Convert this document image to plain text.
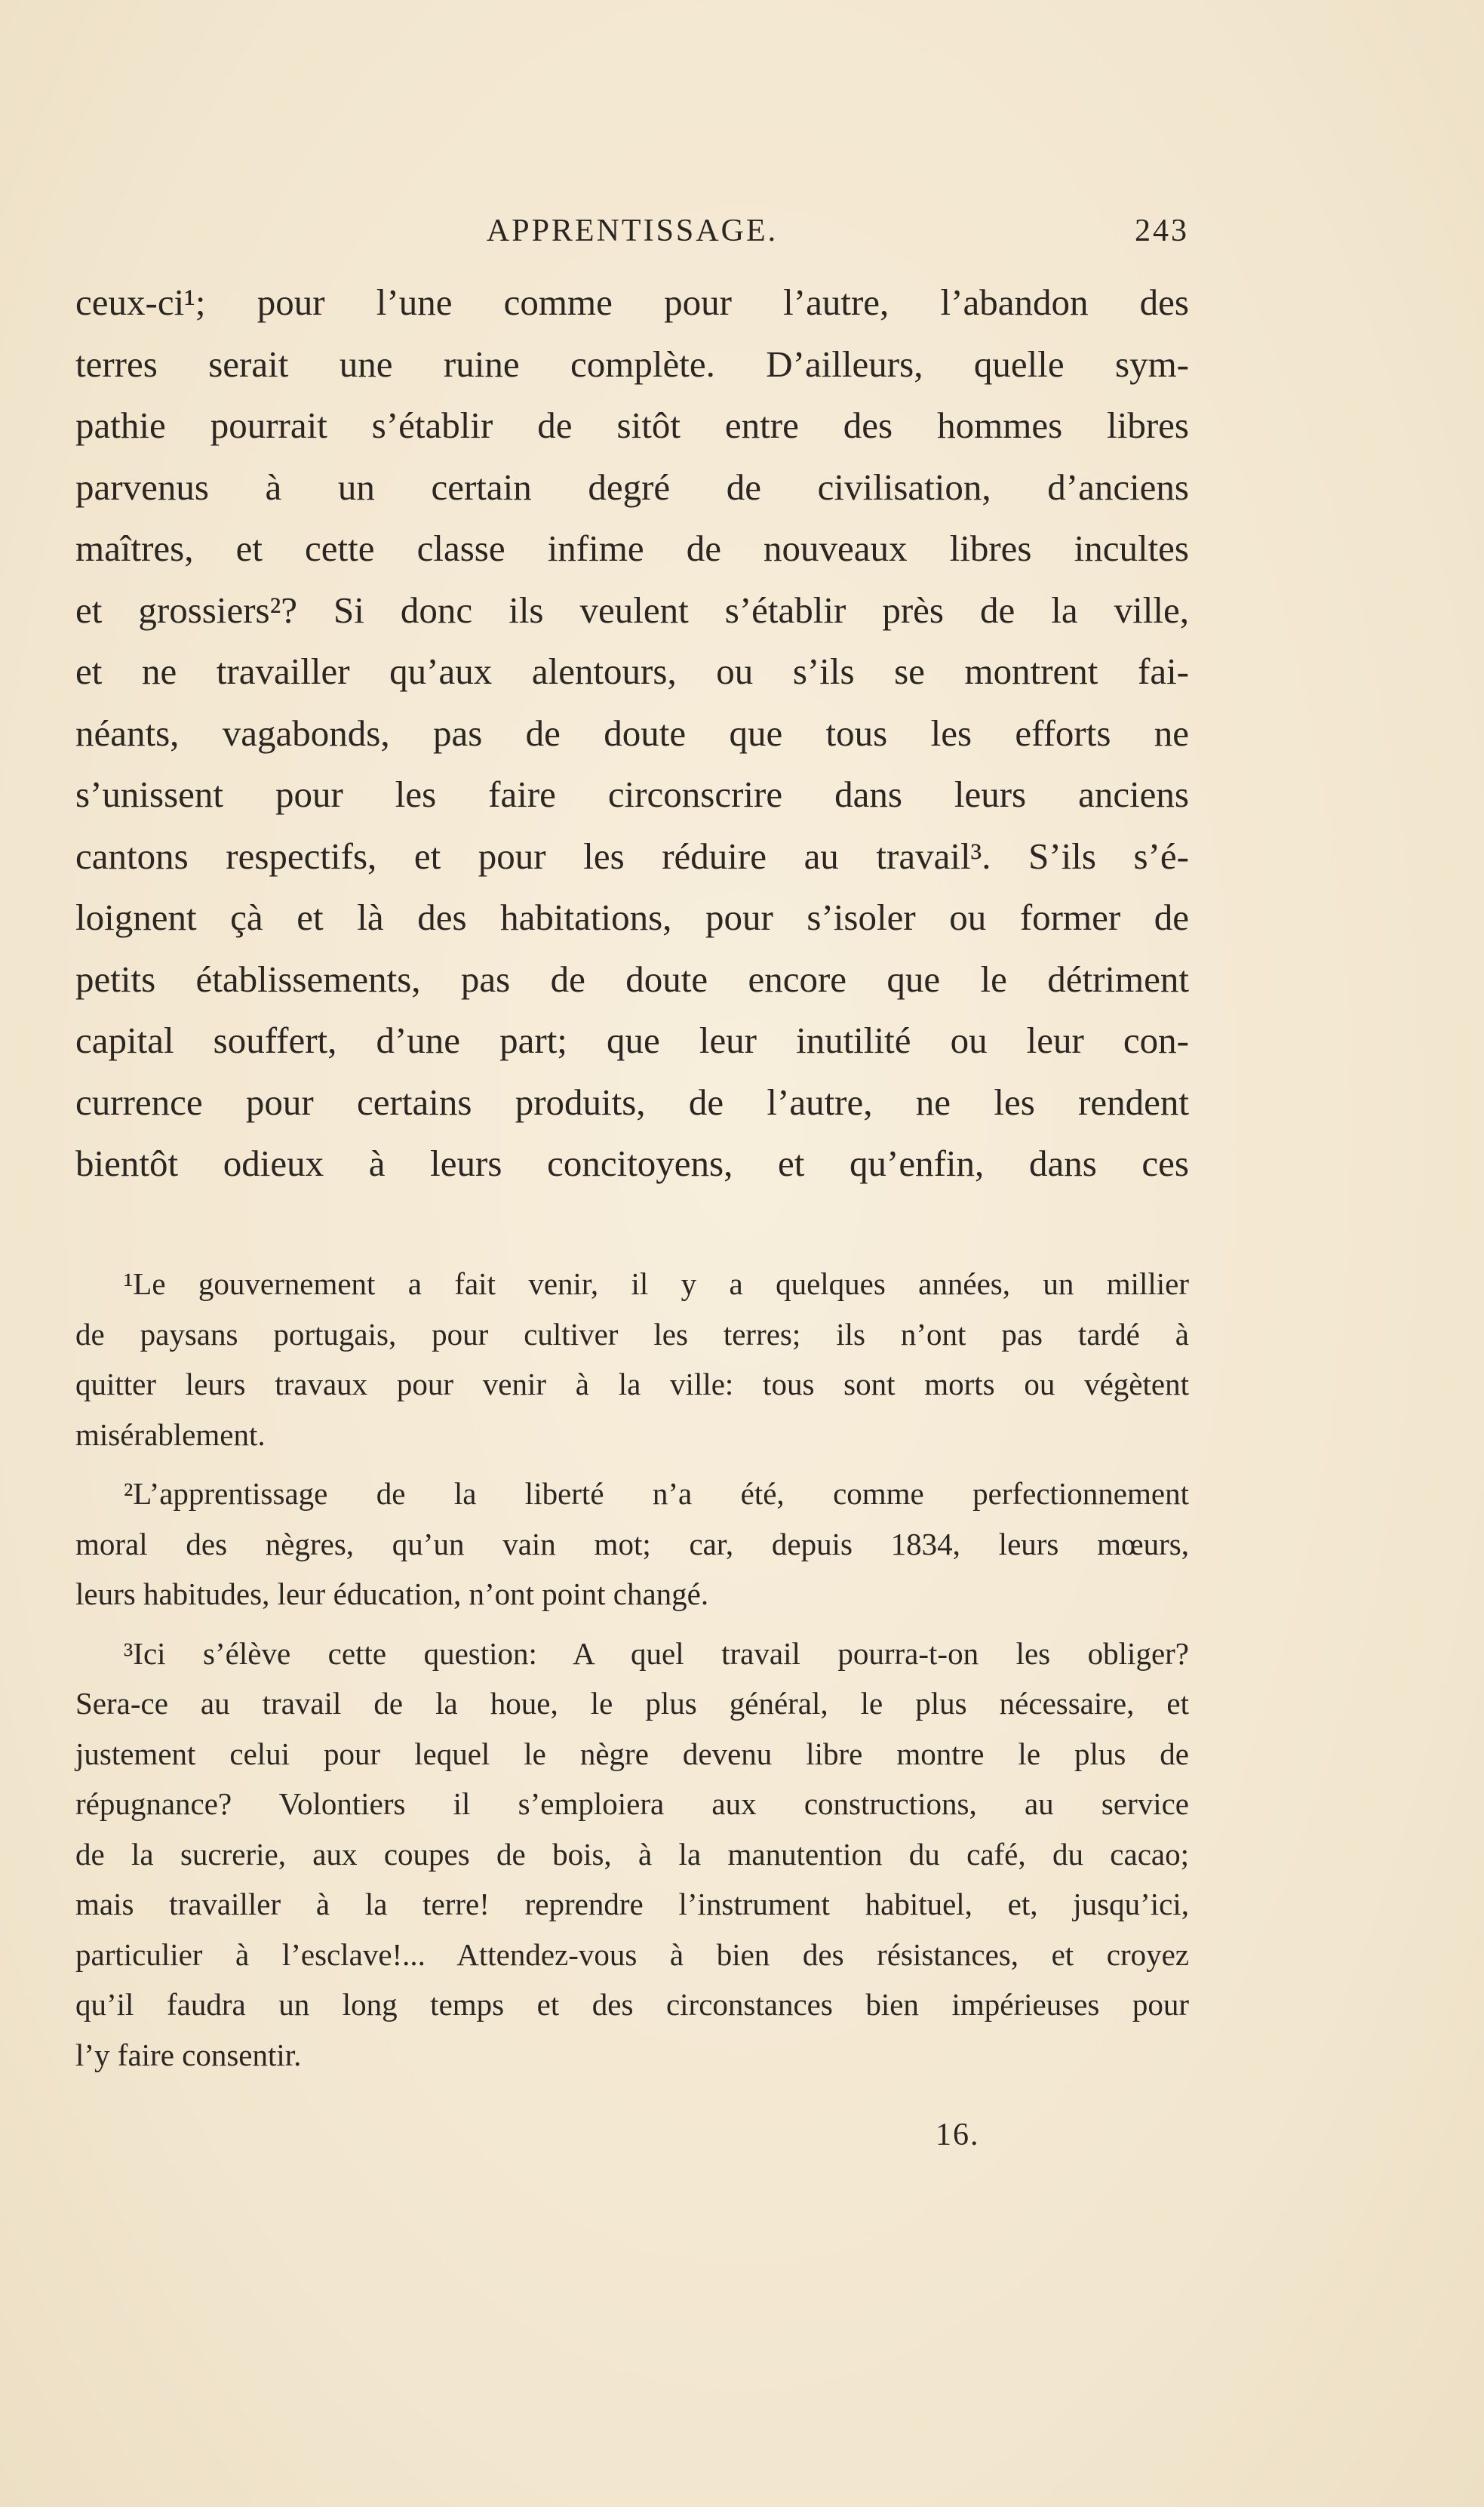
APPRENTISSAGE.	243
ceux-ci¹; pour l’une comme pour l’autre, l’abandon des
terres serait une ruine complète. D’ailleurs, quelle sym-
pathie pourrait s’établir de sitôt entre des hommes libres
parvenus à un certain degré de civilisation, d’anciens
maîtres, et cette classe infime de nouveaux libres incultes
et grossiers²? Si donc ils veulent s’établir près de la ville,
et ne travailler qu’aux alentours, ou s’ils se montrent fai-
néants, vagabonds, pas de doute que tous les efforts ne
s’unissent pour les faire circonscrire dans leurs anciens
cantons respectifs, et pour les réduire au travail³. S’ils s’é-
loignent çà et là des habitations, pour s’isoler ou former de
petits établissements, pas de doute encore que le détriment
capital souffert, d’une part; que leur inutilité ou leur con-
currence pour certains produits, de l’autre, ne les rendent
bientôt odieux à leurs concitoyens, et qu’enfin, dans ces
¹Le gouvernement a fait venir, il y a quelques années, un millier
de paysans portugais, pour cultiver les terres; ils n’ont pas tardé à
quitter leurs travaux pour venir à la ville: tous sont morts ou végètent
misérablement.
²L’apprentissage de la liberté n’a été, comme perfectionnement
moral des nègres, qu’un vain mot; car, depuis 1834, leurs mœurs,
leurs habitudes, leur éducation, n’ont point changé.
³Ici s’élève cette question: A quel travail pourra-t-on les obliger?
Sera-ce au travail de la houe, le plus général, le plus nécessaire, et
justement celui pour lequel le nègre devenu libre montre le plus de
répugnance? Volontiers il s’emploiera aux constructions, au service
de la sucrerie, aux coupes de bois, à la manutention du café, du cacao;
mais travailler à la terre! reprendre l’instrument habituel, et, jusqu’ici,
particulier à l’esclave!... Attendez-vous à bien des résistances, et croyez
qu’il faudra un long temps et des circonstances bien impérieuses pour
l’y faire consentir.
16.
